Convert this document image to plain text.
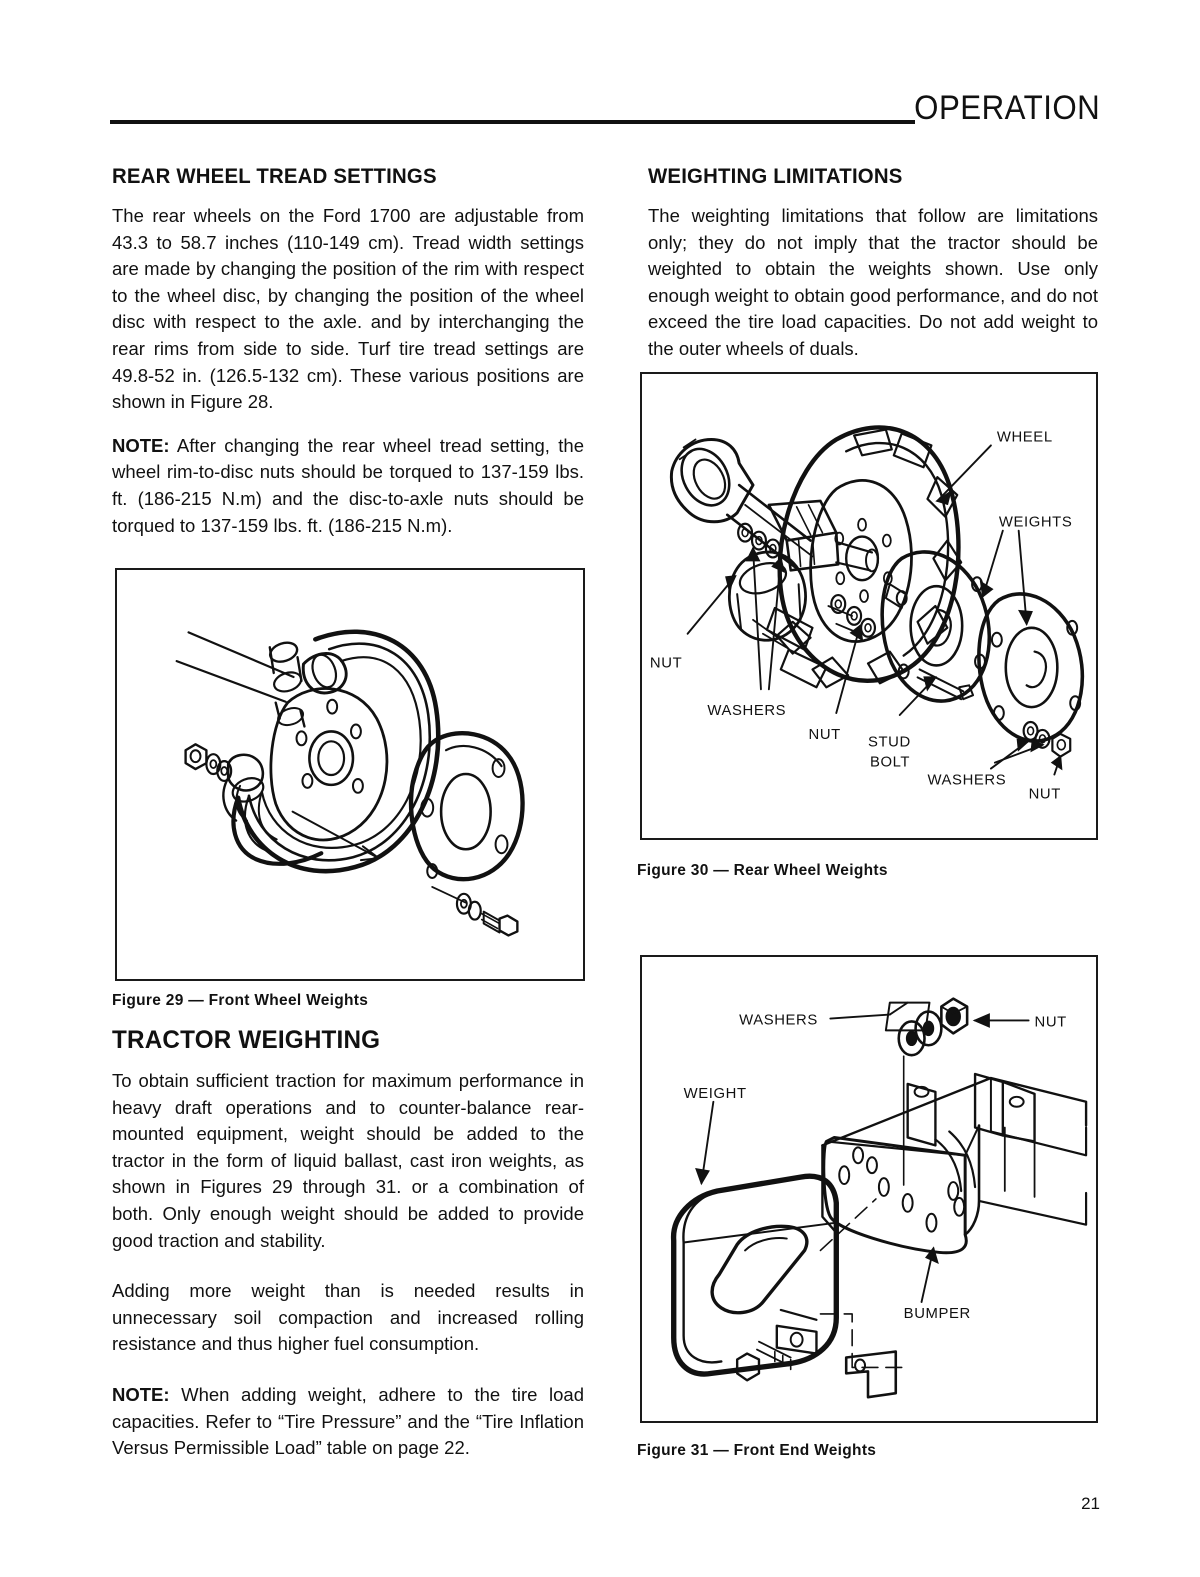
OPERATION
REAR WHEEL TREAD SETTINGS

The rear wheels on the Ford 1700 are adjustable from 43.3 to 58.7 inches (110-149 cm). Tread width settings are made by changing the position of the rim with respect to the wheel disc, by changing the position of the wheel disc with respect to the axle. and by interchanging the rear rims from side to side. Turf tire tread settings are 49.8-52 in. (126.5-132 cm). These various positions are shown in Figure 28.

NOTE: After changing the rear wheel tread setting, the wheel rim-to-disc nuts should be torqued to 137-159 lbs. ft. (186-215 N.m) and the disc-to-axle nuts should be torqued to 137-159 lbs. ft. (186-215 N.m).

Figure 29 — Front Wheel Weights
TRACTOR WEIGHTING

To obtain sufficient traction for maximum performance in heavy draft operations and to counter-balance rear-mounted equipment, weight should be added to the tractor in the form of liquid ballast, cast iron weights, as shown in Figures 29 through 31. or a combination of both. Only enough weight should be added to provide good traction and stability.

Adding more weight than is needed results in unnecessary soil compaction and increased rolling resistance and thus higher fuel consumption.

NOTE: When adding weight, adhere to the tire load capacities. Refer to “Tire Pressure” and the “Tire Inflation Versus Permissible Load” table on page 22.

WEIGHTING LIMITATIONS

The weighting limitations that follow are limitations only; they do not imply that the tractor should be weighted to obtain the weights shown. Use only enough weight to obtain good performance, and do not exceed the tire load capacities. Do not add weight to the outer wheels of duals.

WHEEL
WEIGHTS
NUT
WASHERS
NUT STUD
BOLT
WASHERS
NUT
Figure 30 — Rear Wheel Weights
WASHERS	NUT
WEIGHT
BUMPER
Figure 31 — Front End Weights
21
